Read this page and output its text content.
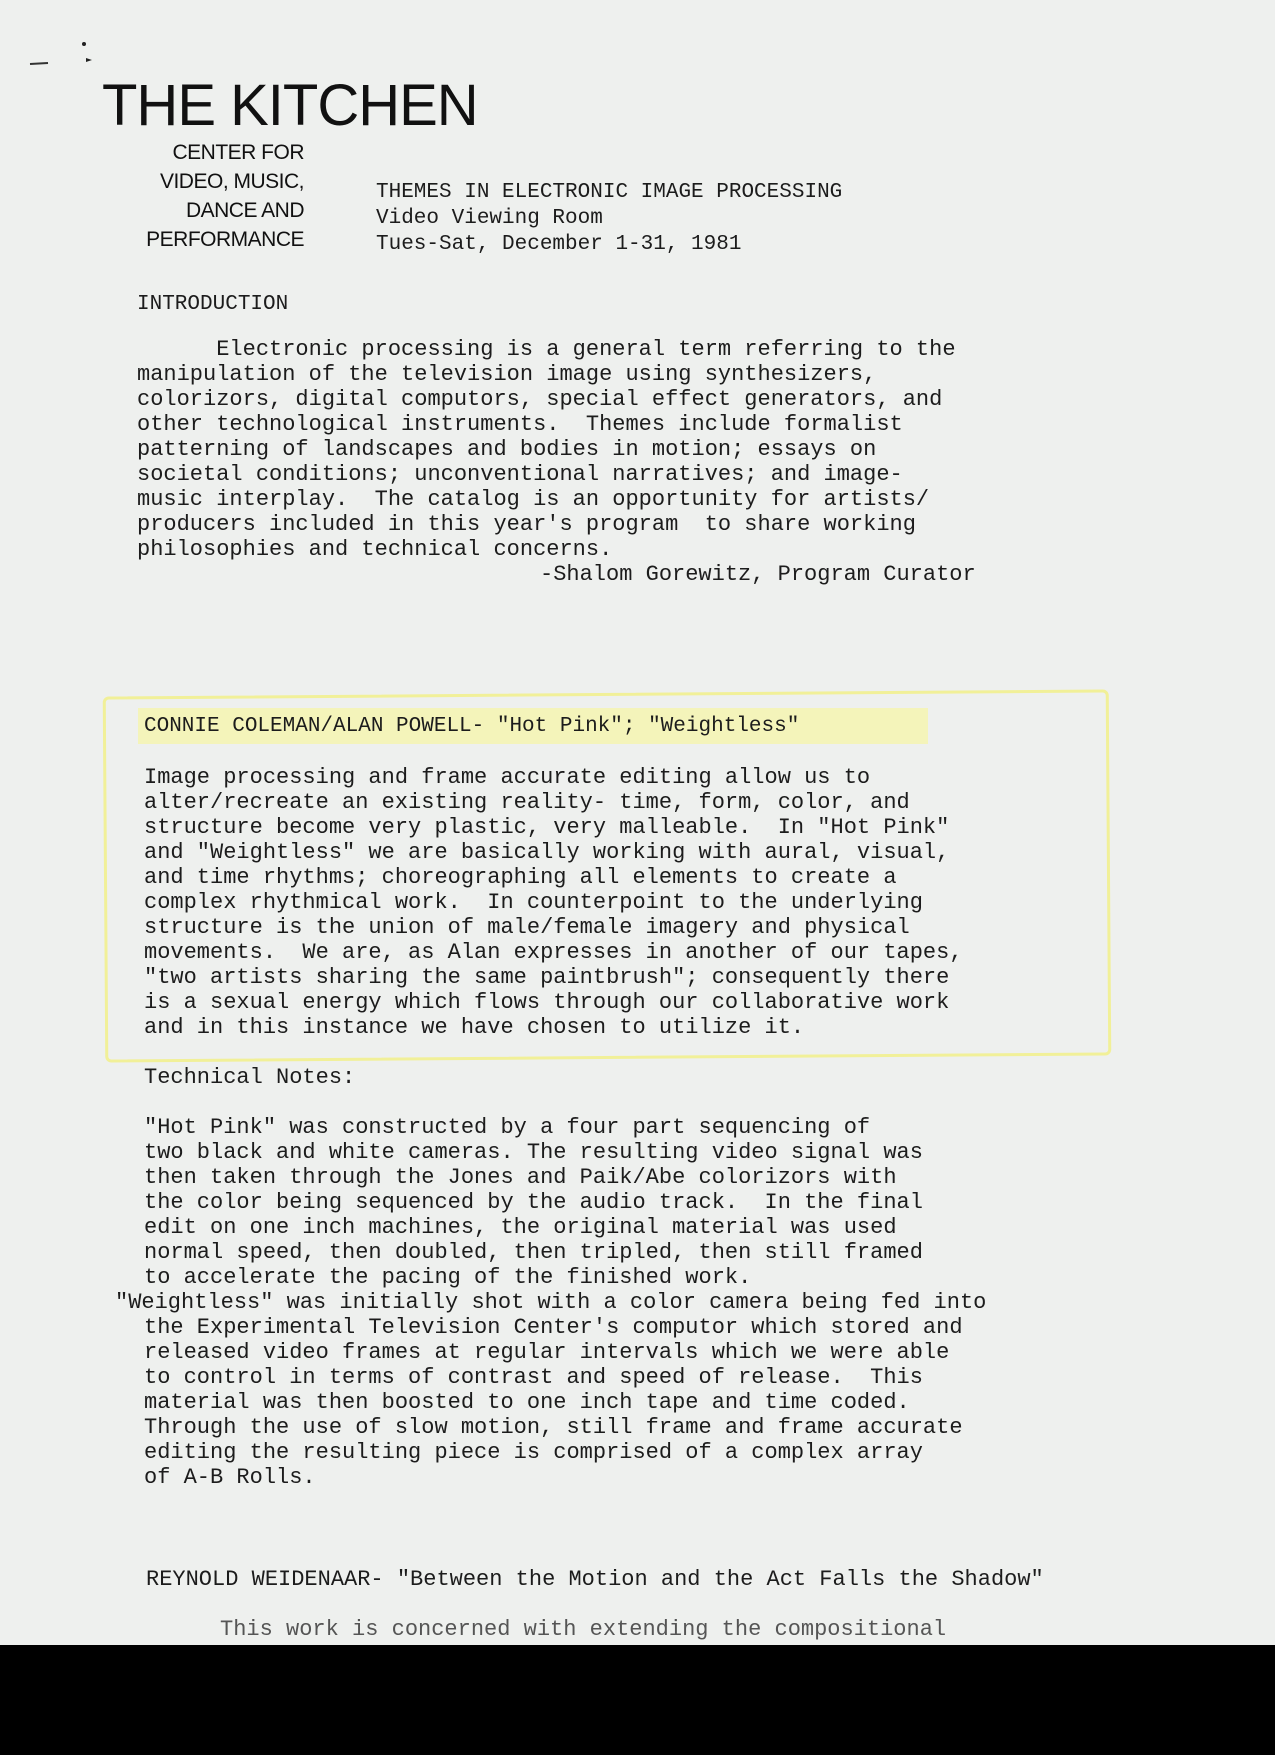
THE KITCHEN
CENTER FOR
VIDEO, MUSIC,
DANCE AND
PERFORMANCE
THEMES IN ELECTRONIC IMAGE PROCESSING
Video Viewing Room
Tues-Sat, December 1-31, 1981
INTRODUCTION
Electronic processing is a general term referring to the
manipulation of the television image using synthesizers,
colorizors, digital computors, special effect generators, and
other technological instruments.  Themes include formalist
patterning of landscapes and bodies in motion; essays on
societal conditions; unconventional narratives; and image-
music interplay.  The catalog is an opportunity for artists/
producers included in this year's program  to share working
philosophies and technical concerns.
-Shalom Gorewitz, Program Curator
CONNIE COLEMAN/ALAN POWELL- "Hot Pink"; "Weightless"
Image processing and frame accurate editing allow us to
alter/recreate an existing reality- time, form, color, and
structure become very plastic, very malleable.  In "Hot Pink"
and "Weightless" we are basically working with aural, visual,
and time rhythms; choreographing all elements to create a
complex rhythmical work.  In counterpoint to the underlying
structure is the union of male/female imagery and physical
movements.  We are, as Alan expresses in another of our tapes,
"two artists sharing the same paintbrush"; consequently there
is a sexual energy which flows through our collaborative work
and in this instance we have chosen to utilize it.
Technical Notes:
"Hot Pink" was constructed by a four part sequencing of
two black and white cameras. The resulting video signal was
then taken through the Jones and Paik/Abe colorizors with
the color being sequenced by the audio track.  In the final
edit on one inch machines, the original material was used
normal speed, then doubled, then tripled, then still framed
to accelerate the pacing of the finished work.
"Weightless" was initially shot with a color camera being fed into
the Experimental Television Center's computor which stored and
released video frames at regular intervals which we were able
to control in terms of contrast and speed of release.  This
material was then boosted to one inch tape and time coded.
Through the use of slow motion, still frame and frame accurate
editing the resulting piece is comprised of a complex array
of A-B Rolls.
REYNOLD WEIDENAAR- "Between the Motion and the Act Falls the Shadow"
This work is concerned with extending the compositional
